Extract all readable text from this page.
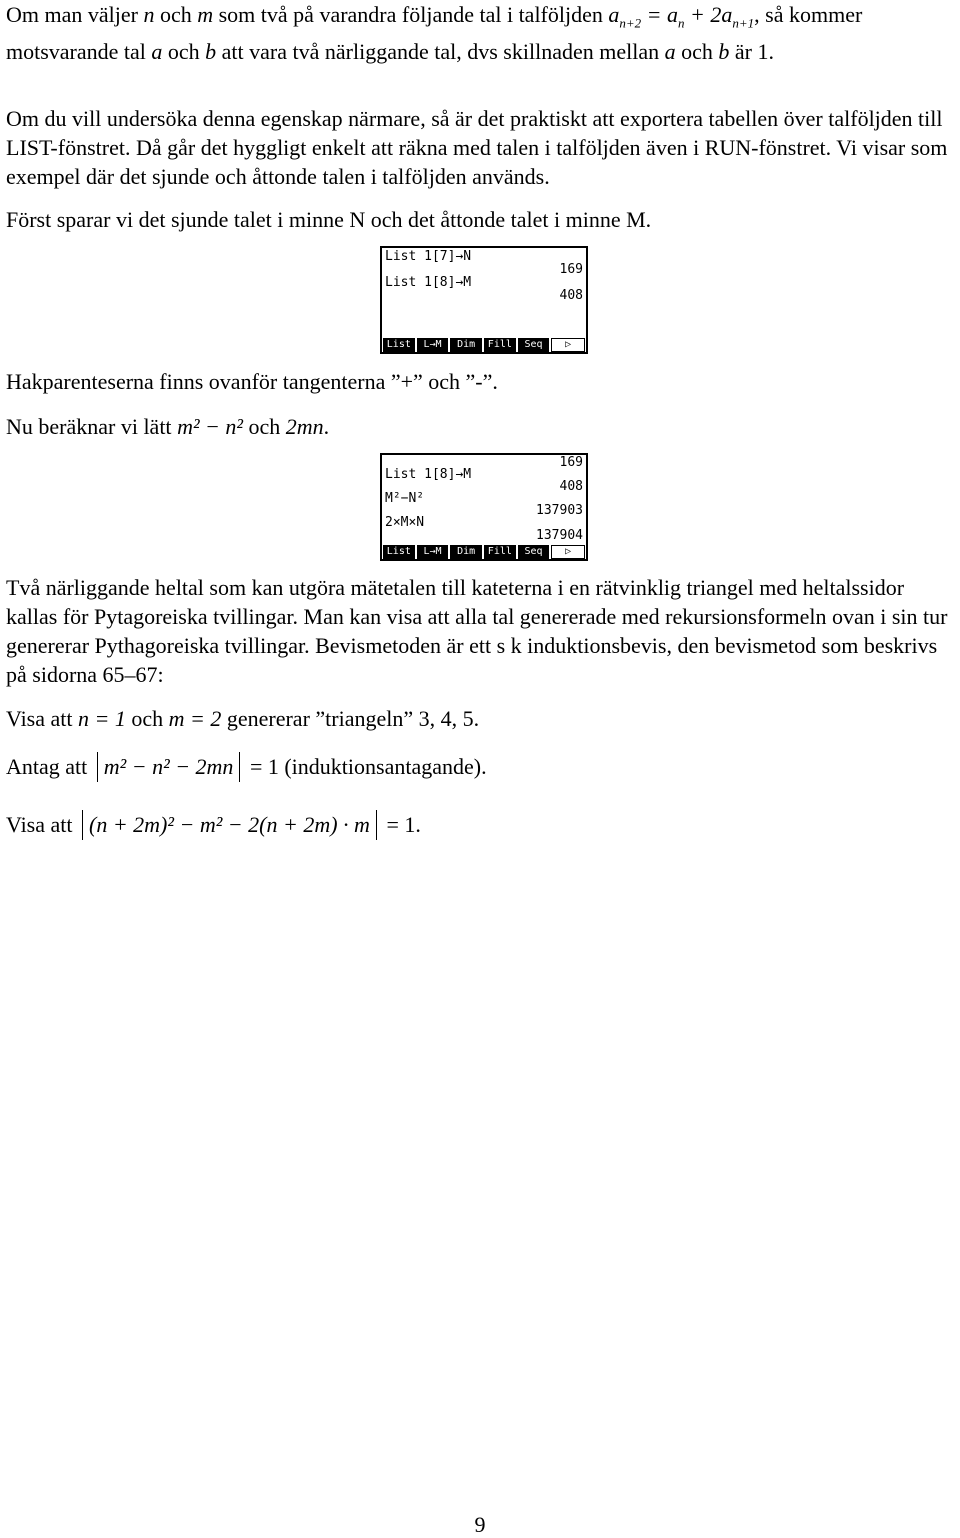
Om man väljer n och m som två på varandra följande tal i talföljden $a_{n+2} = a_n + 2a_{n+1}$, så kommer motsvarande tal a och b att vara två närliggande tal, dvs skillnaden mellan a och b är 1.
Om du vill undersöka denna egenskap närmare, så är det praktiskt att exportera tabellen över talföljden till LIST-fönstret. Då går det hyggligt enkelt att räkna med talen i talföljden även i RUN-fönstret. Vi visar som exempel där det sjunde och åttonde talen i talföljden används.
Först sparar vi det sjunde talet i minne N och det åttonde talet i minne M.
List 1[7]→N
169
List 1[8]→M
408
List	L→M	Dim	Fill	Seq	▷
Hakparenteserna finns ovanför tangenterna ”+” och ”-”.
Nu beräknar vi lätt m² − n² och 2mn.
169
List 1[8]→M
408
M²−N²
137903
2×M×N
137904
List	L→M	Dim	Fill	Seq	▷
Två närliggande heltal som kan utgöra mätetalen till kateterna i en rätvinklig triangel med heltalssidor kallas för Pytagoreiska tvillingar. Man kan visa att alla tal genererade med rekursionsformeln ovan i sin tur genererar Pythagoreiska tvillingar. Bevismetoden är ett s k induktionsbevis, den bevismetod som beskrivs på sidorna 65–67:
Visa att n = 1 och m = 2 genererar ”triangeln” 3, 4, 5.
Antag att m² − n² − 2mn = 1 (induktionsantagande).
Visa att (n + 2m)² − m² − 2(n + 2m) · m = 1.
9
